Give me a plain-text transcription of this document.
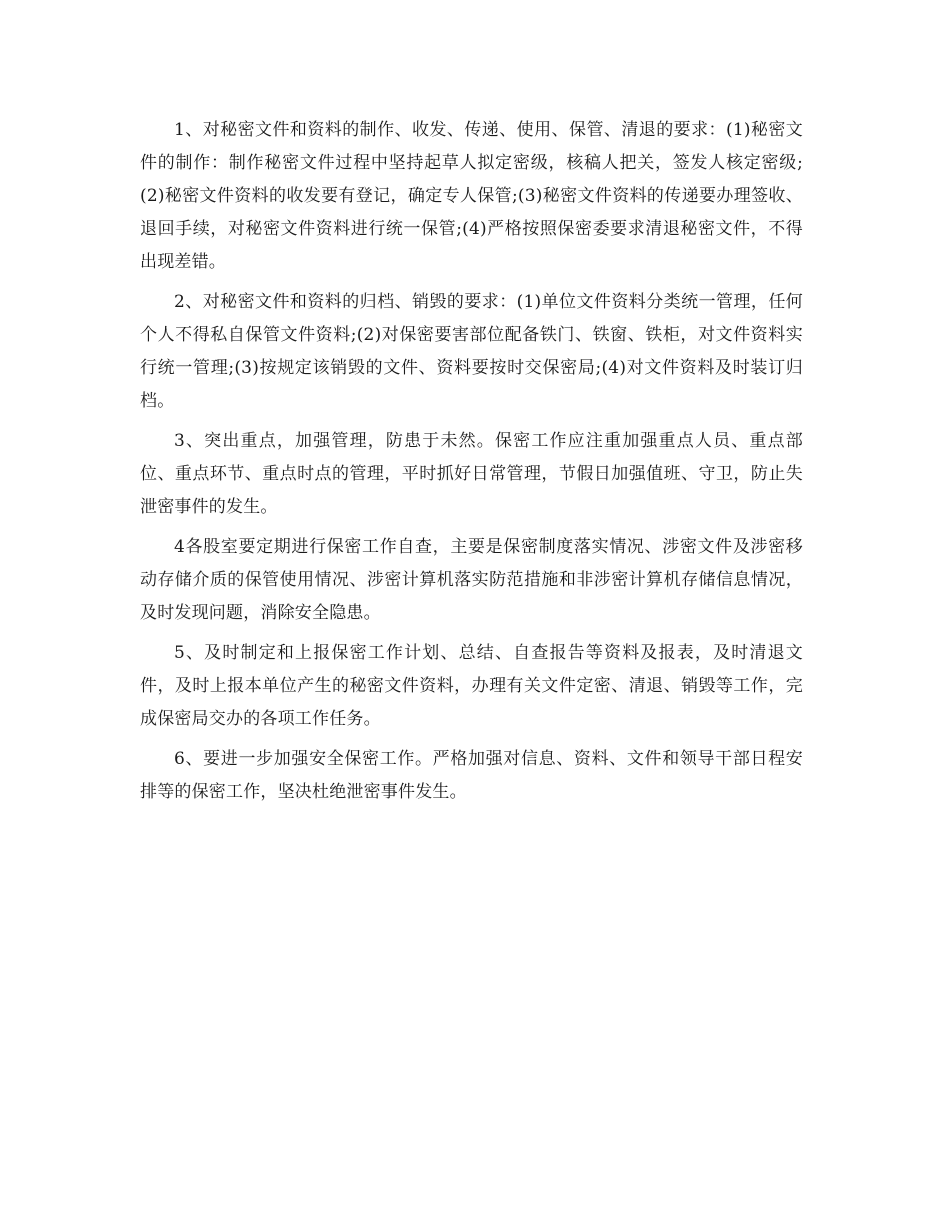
1、对秘密文件和资料的制作、收发、传递、使用、保管、清退的要求：(1)秘密文件的制作：制作秘密文件过程中坚持起草人拟定密级，核稿人把关，签发人核定密级;(2)秘密文件资料的收发要有登记，确定专人保管;(3)秘密文件资料的传递要办理签收、退回手续，对秘密文件资料进行统一保管;(4)严格按照保密委要求清退秘密文件，不得出现差错。

2、对秘密文件和资料的归档、销毁的要求：(1)单位文件资料分类统一管理，任何个人不得私自保管文件资料;(2)对保密要害部位配备铁门、铁窗、铁柜，对文件资料实行统一管理;(3)按规定该销毁的文件、资料要按时交保密局;(4)对文件资料及时装订归档。

3、突出重点，加强管理，防患于未然。保密工作应注重加强重点人员、重点部位、重点环节、重点时点的管理，平时抓好日常管理，节假日加强值班、守卫，防止失泄密事件的发生。

4各股室要定期进行保密工作自查，主要是保密制度落实情况、涉密文件及涉密移动存储介质的保管使用情况、涉密计算机落实防范措施和非涉密计算机存储信息情况，及时发现问题，消除安全隐患。

5、及时制定和上报保密工作计划、总结、自查报告等资料及报表，及时清退文件，及时上报本单位产生的秘密文件资料，办理有关文件定密、清退、销毁等工作，完成保密局交办的各项工作任务。

6、要进一步加强安全保密工作。严格加强对信息、资料、文件和领导干部日程安排等的保密工作，坚决杜绝泄密事件发生。
